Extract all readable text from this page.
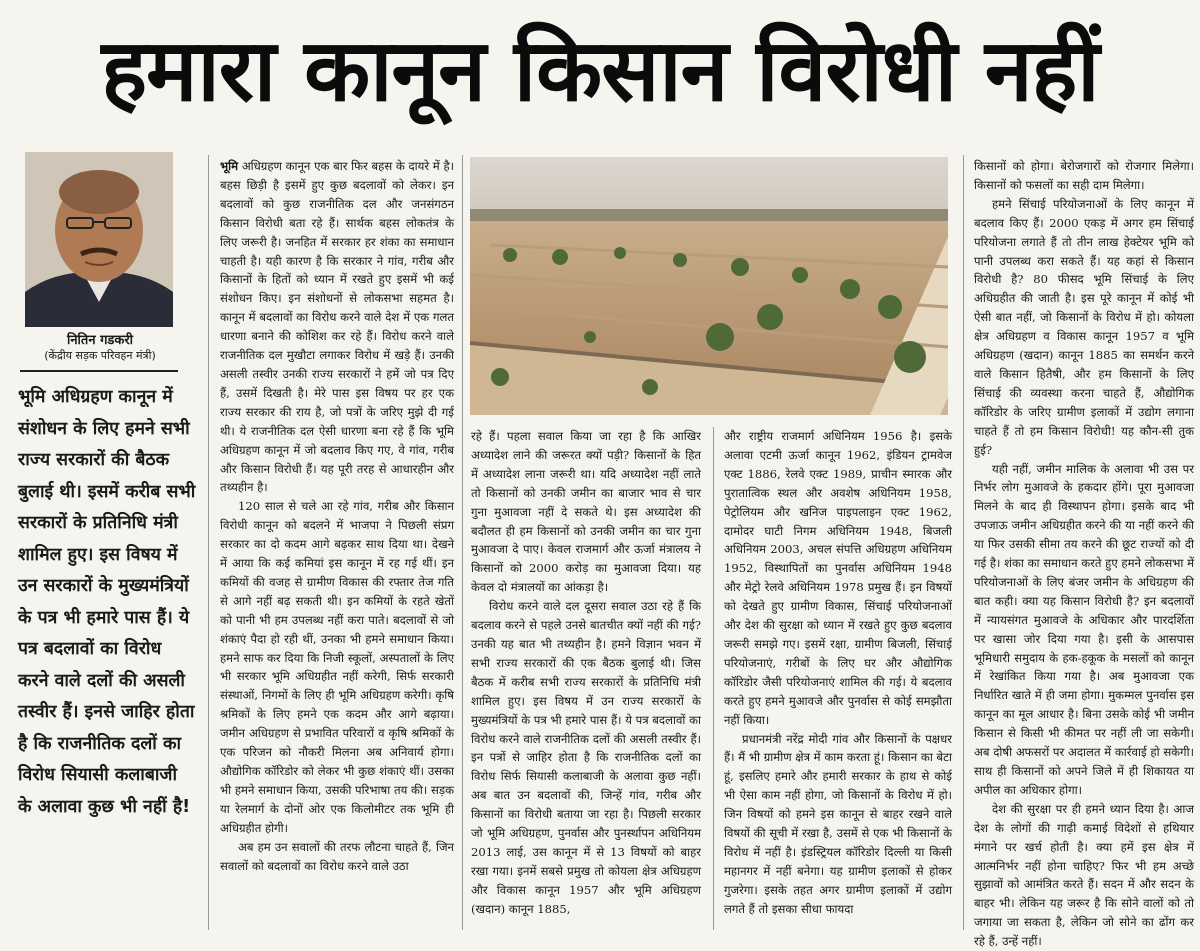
हमारा कानून किसान विरोधी नहीं
नितिन गडकरी
(केंद्रीय सड़क परिवहन मंत्री)
भूमि अधिग्रहण कानून में संशोधन के लिए हमने सभी राज्य सरकारों की बैठक बुलाई थी। इसमें करीब सभी सरकारों के प्रतिनिधि मंत्री शामिल हुए। इस विषय में उन सरकारों के मुख्यमंत्रियों के पत्र भी हमारे पास हैं। ये पत्र बदलावों का विरोध करने वाले दलों की असली तस्वीर हैं। इनसे जाहिर होता है कि राजनीतिक दलों का विरोध सियासी कलाबाजी के अलावा कुछ भी नहीं है!

भूमि अधिग्रहण कानून एक बार फिर बहस के दायरे में है। बहस छिड़ी है इसमें हुए कुछ बदलावों को लेकर। इन बदलावों को कुछ राजनीतिक दल और जनसंगठन किसान विरोधी बता रहे हैं। सार्थक बहस लोकतंत्र के लिए जरूरी है। जनहित में सरकार हर शंका का समाधान चाहती है। यही कारण है कि सरकार ने गांव, गरीब और किसानों के हितों को ध्यान में रखते हुए इसमें भी कई संशोधन किए। इन संशोधनों से लोकसभा सहमत है। कानून में बदलावों का विरोध करने वाले देश में एक गलत धारणा बनाने की कोशिश कर रहे हैं। विरोध करने वाले राजनीतिक दल मुखौटा लगाकर विरोध में खड़े हैं। उनकी असली तस्वीर उनकी राज्य सरकारों ने हमें जो पत्र दिए हैं, उसमें दिखती है। मेरे पास इस विषय पर हर एक राज्य सरकार की राय है, जो पत्रों के जरिए मुझे दी गई थी। ये राजनीतिक दल ऐसी धारणा बना रहे हैं कि भूमि अधिग्रहण कानून में जो बदलाव किए गए, वे गांव, गरीब और किसान विरोधी हैं। यह पूरी तरह से आधारहीन और तथ्यहीन है।

120 साल से चले आ रहे गांव, गरीब और किसान विरोधी कानून को बदलने में भाजपा ने पिछली संप्रग सरकार का दो कदम आगे बढ़कर साथ दिया था। देखने में आया कि कई कमियां इस कानून में रह गई थीं। इन कमियों की वजह से ग्रामीण विकास की रफ्तार तेज गति से आगे नहीं बढ़ सकती थी। इन कमियों के रहते खेतों को पानी भी हम उपलब्ध नहीं करा पाते। बदलावों से जो शंकाएं पैदा हो रही थीं, उनका भी हमने समाधान किया। हमने साफ कर दिया कि निजी स्कूलों, अस्पतालों के लिए भी सरकार भूमि अधिग्रहीत नहीं करेगी, सिर्फ सरकारी संस्थाओं, निगमों के लिए ही भूमि अधिग्रहण करेगी। कृषि श्रमिकों के लिए हमने एक कदम और आगे बढ़ाया। जमीन अधिग्रहण से प्रभावित परिवारों व कृषि श्रमिकों के एक परिजन को नौकरी मिलना अब अनिवार्य होगा। औद्योगिक कॉरिडोर को लेकर भी कुछ शंकाएं थीं। उसका भी हमने समाधान किया, उसकी परिभाषा तय की। सड़क या रेलमार्ग के दोनों ओर एक किलोमीटर तक भूमि ही अधिग्रहीत होगी।

अब हम उन सवालों की तरफ लौटना चाहते हैं, जिन सवालों को बदलावों का विरोध करने वाले उठा

रहे हैं। पहला सवाल किया जा रहा है कि आखिर अध्यादेश लाने की जरूरत क्यों पड़ी? किसानों के हित में अध्यादेश लाना जरूरी था। यदि अध्यादेश नहीं लाते तो किसानों को उनकी जमीन का बाजार भाव से चार गुना मुआवजा नहीं दे सकते थे। इस अध्यादेश की बदौलत ही हम किसानों को उनकी जमीन का चार गुना मुआवजा दे पाए। केवल राजमार्ग और ऊर्जा मंत्रालय ने किसानों को 2000 करोड़ का मुआवजा दिया। यह केवल दो मंत्रालयों का आंकड़ा है।

विरोध करने वाले दल दूसरा सवाल उठा रहे हैं कि बदलाव करने से पहले उनसे बातचीत क्यों नहीं की गई? उनकी यह बात भी तथ्यहीन है। हमने विज्ञान भवन में सभी राज्य सरकारों की एक बैठक बुलाई थी। जिस बैठक में करीब सभी राज्य सरकारों के प्रतिनिधि मंत्री शामिल हुए। इस विषय में उन राज्य सरकारों के मुख्यमंत्रियों के पत्र भी हमारे पास हैं। ये पत्र बदलावों का विरोध करने वाले राजनीतिक दलों की असली तस्वीर हैं। इन पत्रों से जाहिर होता है कि राजनीतिक दलों का विरोध सिर्फ सियासी कलाबाजी के अलावा कुछ नहीं। अब बात उन बदलावों की, जिन्हें गांव, गरीब और किसानों का विरोधी बताया जा रहा है। पिछली सरकार जो भूमि अधिग्रहण, पुनर्वास और पुनर्स्थापन अधिनियम 2013 लाई, उस कानून में से 13 विषयों को बाहर रखा गया। इनमें सबसे प्रमुख तो कोयला क्षेत्र अधिग्रहण और विकास कानून 1957 और भूमि अधिग्रहण (खदान) कानून 1885,

और राष्ट्रीय राजमार्ग अधिनियम 1956 है। इसके अलावा एटमी ऊर्जा कानून 1962, इंडियन ट्रामवेज एक्ट 1886, रेलवे एक्ट 1989, प्राचीन स्मारक और पुरातात्विक स्थल और अवशेष अधिनियम 1958, पेट्रोलियम और खनिज पाइपलाइन एक्ट 1962, दामोदर घाटी निगम अधिनियम 1948, बिजली अधिनियम 2003, अचल संपत्ति अधिग्रहण अधिनियम 1952, विस्थापितों का पुनर्वास अधिनियम 1948 और मेट्रो रेलवे अधिनियम 1978 प्रमुख हैं। इन विषयों को देखते हुए ग्रामीण विकास, सिंचाई परियोजनाओं और देश की सुरक्षा को ध्यान में रखते हुए कुछ बदलाव जरूरी समझे गए। इसमें रक्षा, ग्रामीण बिजली, सिंचाई परियोजनाएं, गरीबों के लिए घर और औद्योगिक कॉरिडोर जैसी परियोजनाएं शामिल की गई। ये बदलाव करते हुए हमने मुआवजे और पुनर्वास से कोई समझौता नहीं किया।

प्रधानमंत्री नरेंद्र मोदी गांव और किसानों के पक्षधर हैं। मैं भी ग्रामीण क्षेत्र में काम करता हूं। किसान का बेटा हूं, इसलिए हमारे और हमारी सरकार के हाथ से कोई भी ऐसा काम नहीं होगा, जो किसानों के विरोध में हो। जिन विषयों को हमने इस कानून से बाहर रखने वाले विषयों की सूची में रखा है, उसमें से एक भी किसानों के विरोध में नहीं है। इंडस्ट्रियल कॉरिडोर दिल्ली या किसी महानगर में नहीं बनेगा। यह ग्रामीण इलाकों से होकर गुजरेगा। इसके तहत अगर ग्रामीण इलाकों में उद्योग लगते हैं तो इसका सीधा फायदा

किसानों को होगा। बेरोजगारों को रोजगार मिलेगा। किसानों को फसलों का सही दाम मिलेगा।

हमने सिंचाई परियोजनाओं के लिए कानून में बदलाव किए हैं। 2000 एकड़ में अगर हम सिंचाई परियोजना लगाते हैं तो तीन लाख हेक्टेयर भूमि को पानी उपलब्ध करा सकते हैं। यह कहां से किसान विरोधी है? 80 फीसद भूमि सिंचाई के लिए अधिग्रहीत की जाती है। इस पूरे कानून में कोई भी ऐसी बात नहीं, जो किसानों के विरोध में हो। कोयला क्षेत्र अधिग्रहण व विकास कानून 1957 व भूमि अधिग्रहण (खदान) कानून 1885 का समर्थन करने वाले किसान हितैषी, और हम किसानों के लिए सिंचाई की व्यवस्था करना चाहते हैं, औद्योगिक कॉरिडोर के जरिए ग्रामीण इलाकों में उद्योग लगाना चाहते हैं तो हम किसान विरोधी! यह कौन-सी तुक हुई?

यही नहीं, जमीन मालिक के अलावा भी उस पर निर्भर लोग मुआवजे के हकदार होंगे। पूरा मुआवजा मिलने के बाद ही विस्थापन होगा। इसके बाद भी उपजाऊ जमीन अधिग्रहीत करने की या नहीं करने की या फिर उसकी सीमा तय करने की छूट राज्यों को दी गई है। शंका का समाधान करते हुए हमने लोकसभा में परियोजनाओं के लिए बंजर जमीन के अधिग्रहण की बात कही। क्या यह किसान विरोधी है? इन बदलावों में न्यायसंगत मुआवजे के अधिकार और पारदर्शिता पर खासा जोर दिया गया है। इसी के आसपास भूमिधारी समुदाय के हक-हकूक के मसलों को कानून में रेखांकित किया गया है। अब मुआवजा एक निर्धारित खाते में ही जमा होगा। मुकम्मल पुनर्वास इस कानून का मूल आधार है। बिना उसके कोई भी जमीन किसान से किसी भी कीमत पर नहीं ली जा सकेगी। अब दोषी अफसरों पर अदालत में कार्रवाई हो सकेगी। साथ ही किसानों को अपने जिले में ही शिकायत या अपील का अधिकार होगा।

देश की सुरक्षा पर ही हमने ध्यान दिया है। आज देश के लोगों की गाढ़ी कमाई विदेशों से हथियार मंगाने पर खर्च होती है। क्या हमें इस क्षेत्र में आत्मनिर्भर नहीं होना चाहिए? फिर भी हम अच्छे सुझावों को आमंत्रित करते हैं। सदन में और सदन के बाहर भी। लेकिन यह जरूर है कि सोने वालों को तो जगाया जा सकता है, लेकिन जो सोने का ढोंग कर रहे हैं, उन्हें नहीं।
